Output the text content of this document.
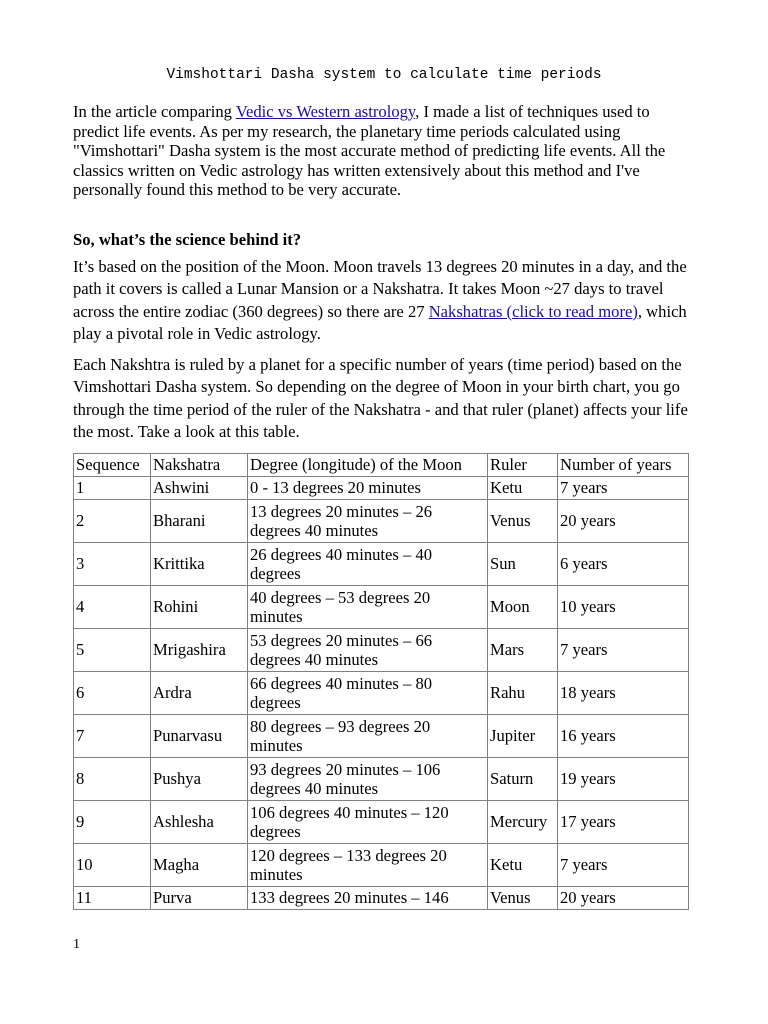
Vimshottari Dasha system to calculate time periods

In the article comparing Vedic vs Western astrology, I made a list of techniques used to predict life events. As per my research, the planetary time periods calculated using "Vimshottari" Dasha system is the most accurate method of predicting life events. All the classics written on Vedic astrology has written extensively about this method and I've personally found this method to be very accurate.

So, what’s the science behind it?

It’s based on the position of the Moon. Moon travels 13 degrees 20 minutes in a day, and the path it covers is called a Lunar Mansion or a Nakshatra. It takes Moon ~27 days to travel across the entire zodiac (360 degrees) so there are 27 Nakshatras (click to read more), which play a pivotal role in Vedic astrology.

Each Nakshtra is ruled by a planet for a specific number of years (time period) based on the Vimshottari Dasha system. So depending on the degree of Moon in your birth chart, you go through the time period of the ruler of the Nakshatra - and that ruler (planet) affects your life the most. Take a look at this table.

Sequence	Nakshatra	Degree (longitude) of the Moon	Ruler	Number of years
1	Ashwini	0 - 13 degrees 20 minutes	Ketu	7 years
2	Bharani	13 degrees 20 minutes – 26 degrees 40 minutes	Venus	20 years
3	Krittika	26 degrees 40 minutes – 40 degrees	Sun	6 years
4	Rohini	40 degrees – 53 degrees 20 minutes	Moon	10 years
5	Mrigashira	53 degrees 20 minutes – 66 degrees 40 minutes	Mars	7 years
6	Ardra	66 degrees 40 minutes – 80 degrees	Rahu	18 years
7	Punarvasu	80 degrees – 93 degrees 20 minutes	Jupiter	16 years
8	Pushya	93 degrees 20 minutes – 106 degrees 40 minutes	Saturn	19 years
9	Ashlesha	106 degrees 40 minutes – 120 degrees	Mercury	17 years
10	Magha	120 degrees – 133 degrees 20 minutes	Ketu	7 years
11	Purva	133 degrees 20 minutes – 146	Venus	20 years
1
